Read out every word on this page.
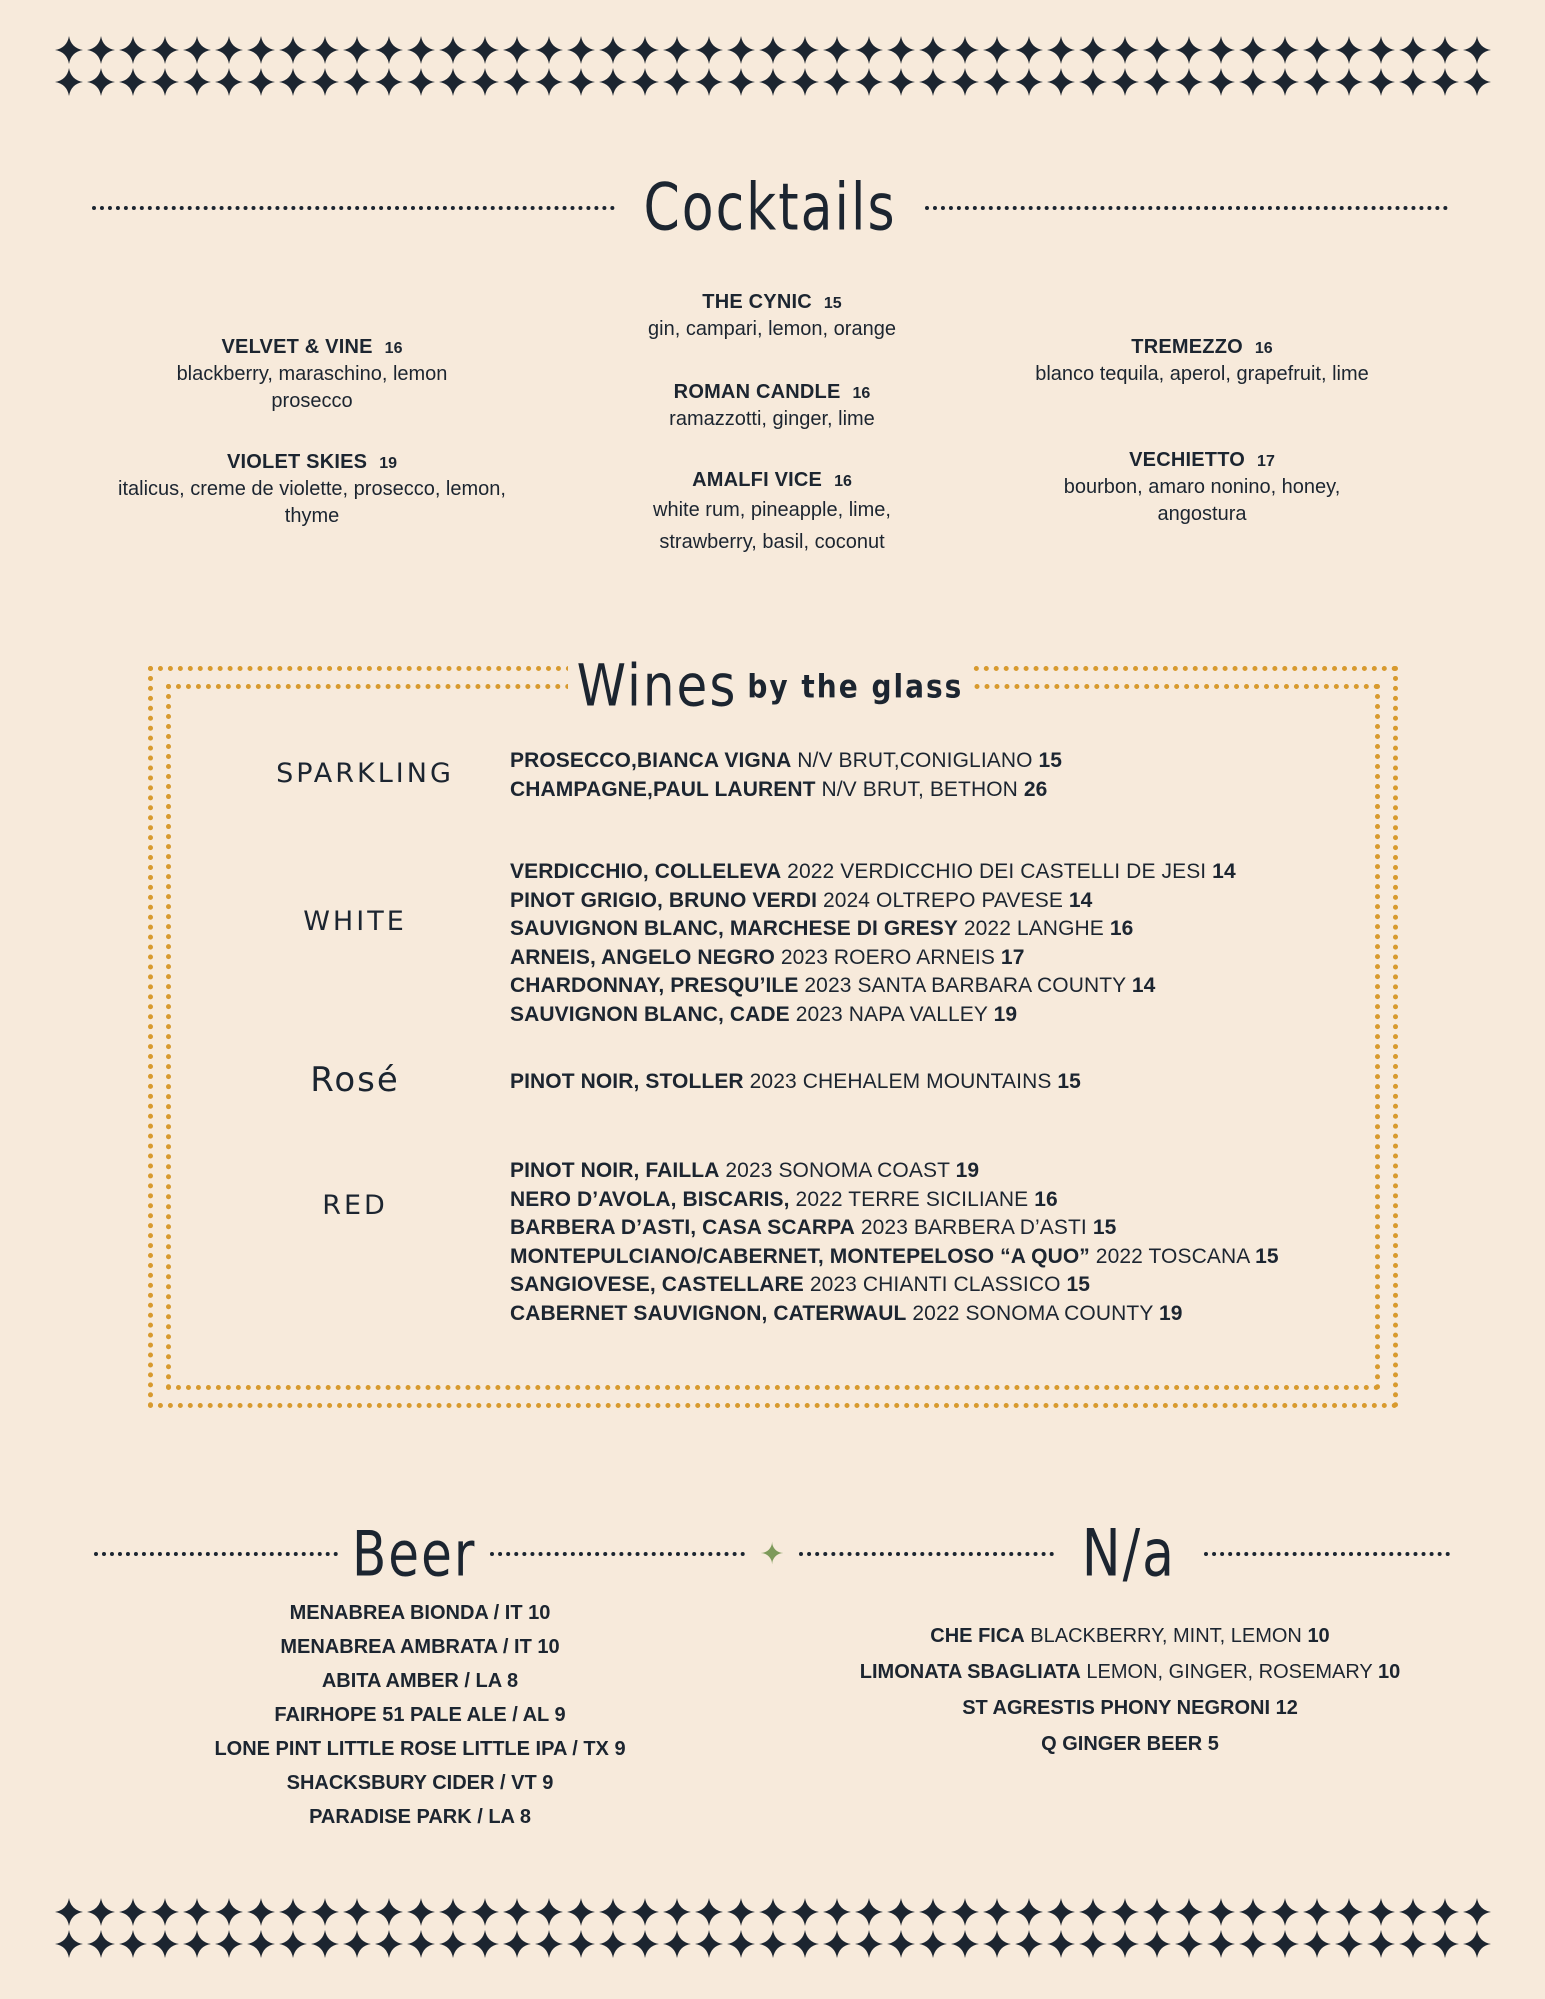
Cocktails
VELVET & VINE 16
blackberry, maraschino, lemon prosecco
VIOLET SKIES 19
italicus, creme de violette, prosecco, lemon, thyme
THE CYNIC 15
gin, campari, lemon, orange
ROMAN CANDLE 16
ramazzotti, ginger, lime
AMALFI VICE 16
white rum, pineapple, lime, strawberry, basil, coconut
TREMEZZO 16
blanco tequila, aperol, grapefruit, lime
VECHIETTO 17
bourbon, amaro nonino, honey, angostura
Wines by the glass
SPARKLING	PROSECCO,BIANCA VIGNA N/V BRUT,CONIGLIANO 15
CHAMPAGNE,PAUL LAURENT N/V BRUT, BETHON 26
WHITE
VERDICCHIO, COLLELEVA 2022 VERDICCHIO DEI CASTELLI DE JESI 14
PINOT GRIGIO, BRUNO VERDI 2024 OLTREPO PAVESE 14
SAUVIGNON BLANC, MARCHESE DI GRESY 2022 LANGHE 16
ARNEIS, ANGELO NEGRO 2023 ROERO ARNEIS 17
CHARDONNAY, PRESQU’ILE 2023 SANTA BARBARA COUNTY 14
SAUVIGNON BLANC, CADE 2023 NAPA VALLEY 19
Rosé	PINOT NOIR, STOLLER 2023 CHEHALEM MOUNTAINS 15
RED
PINOT NOIR, FAILLA 2023 SONOMA COAST 19
NERO D’AVOLA, BISCARIS, 2022 TERRE SICILIANE 16
BARBERA D’ASTI, CASA SCARPA 2023 BARBERA D’ASTI 15
MONTEPULCIANO/CABERNET, MONTEPELOSO “A QUO” 2022 TOSCANA 15
SANGIOVESE, CASTELLARE 2023 CHIANTI CLASSICO 15
CABERNET SAUVIGNON, CATERWAUL 2022 SONOMA COUNTY 19
Beer	✦	N/a
MENABREA BIONDA / IT 10
MENABREA AMBRATA / IT 10
ABITA AMBER / LA 8
FAIRHOPE 51 PALE ALE / AL 9
LONE PINT LITTLE ROSE LITTLE IPA / TX 9
SHACKSBURY CIDER / VT 9
PARADISE PARK / LA 8
CHE FICA BLACKBERRY, MINT, LEMON 10
LIMONATA SBAGLIATA LEMON, GINGER, ROSEMARY 10
ST AGRESTIS PHONY NEGRONI 12
Q GINGER BEER 5
